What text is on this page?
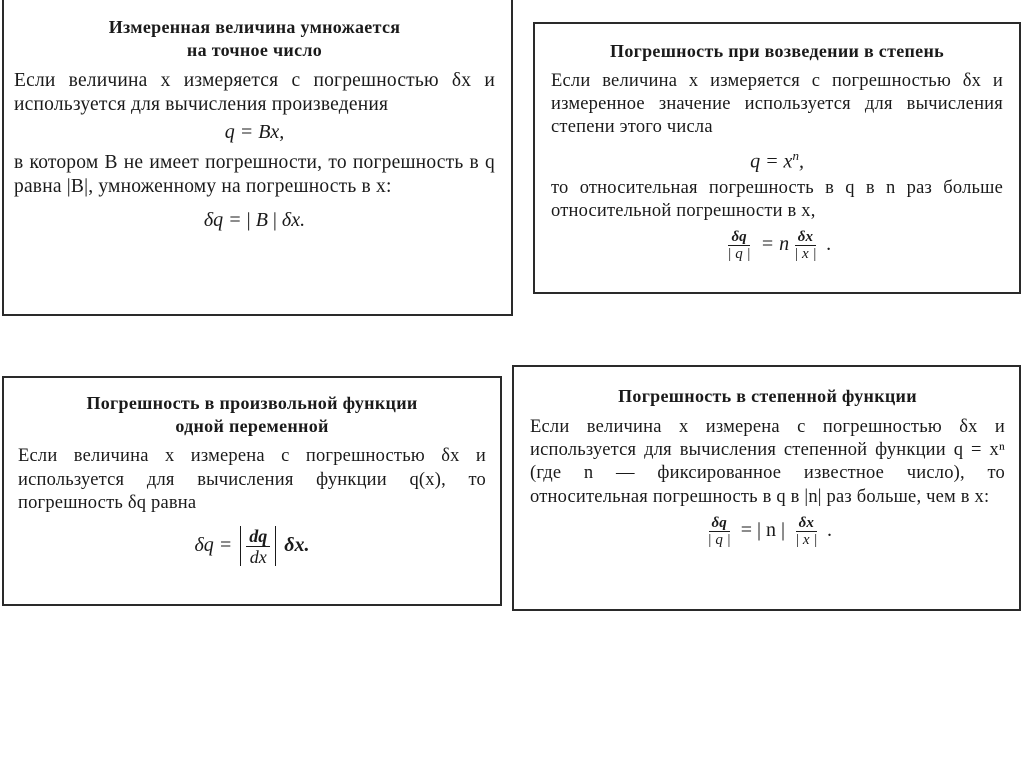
Измеренная величина умножается
на точное число
Если величина x измеряется с погрешностью δx и используется для вычисления произведения
q = Bx,
в котором B не имеет погрешности, то погрешность в q равна |B|, умноженному на погрешность в x:
δq = | B | δx.
Погрешность при возведении в степень
Если величина x измеряется с погрешностью δx и измеренное значение используется для вычисления степени этого числа
$q = x^n$,
то относительная погрешность в q в n раз больше относительной погрешности в x,
$\frac{\delta q}{| q |} = n \frac{\delta x}{| x |}$ .
Погрешность в произвольной функции
одной переменной
Если величина x измерена с погрешностью δx и используется для вычисления функции q(x), то погрешность δq равна
$\delta q = \frac{dq}{dx} \delta x$.
Погрешность в степенной функции
Если величина x измерена с погрешностью δx и используется для вычисления степенной функции q = xⁿ (где n — фиксированное известное число), то относительная погрешность в q в |n| раз больше, чем в x:
$\frac{\delta q}{| q |}$ = | n | $\frac{\delta x}{| x |}$ .
